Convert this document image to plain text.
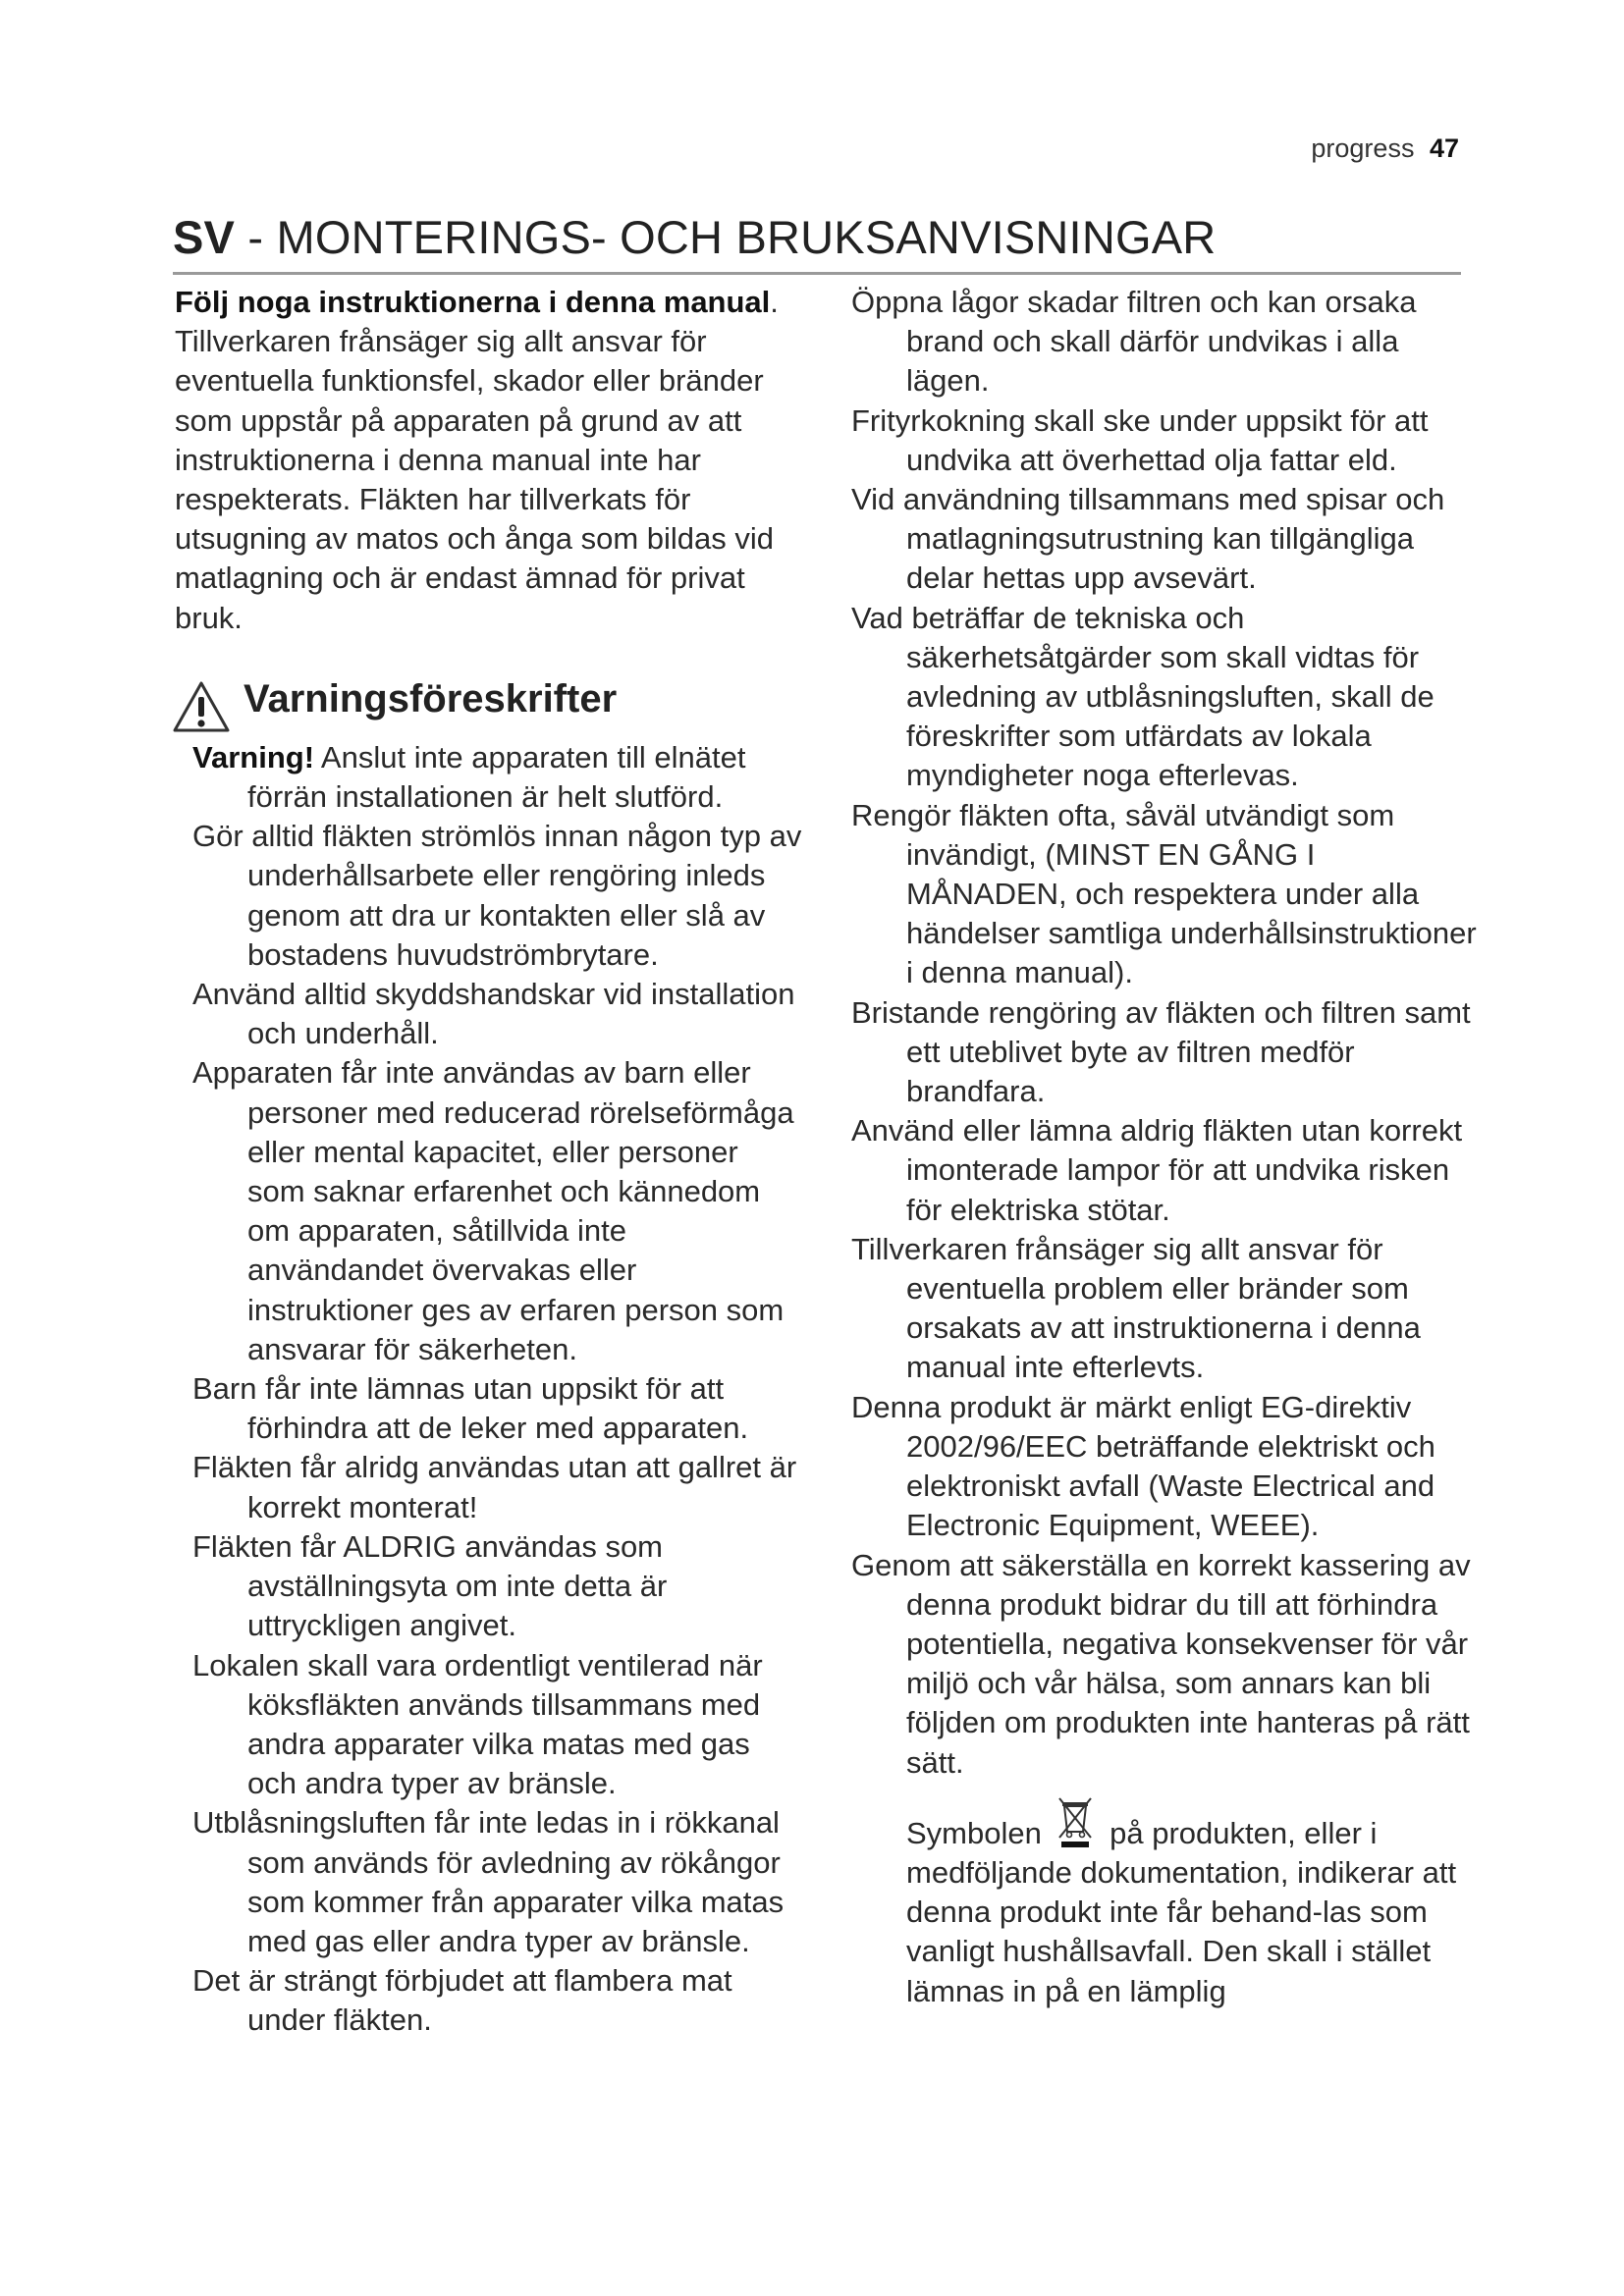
progress 47
SV - MONTERINGS- OCH BRUKSANVISNINGAR

Följ noga instruktionerna i denna manual. Tillverkaren frånsäger sig allt ansvar för eventuella funktionsfel, skador eller bränder som uppstår på apparaten på grund av att instruktionerna i denna manual inte har respekterats. Fläkten har tillverkats för utsugning av matos och ånga som bildas vid matlagning och är endast ämnad för privat bruk.

Varningsföreskrifter

Varning! Anslut inte apparaten till elnätet förrän installationen är helt slutförd.

Gör alltid fläkten strömlös innan någon typ av underhållsarbete eller rengöring inleds genom att dra ur kontakten eller slå av bostadens huvudströmbrytare.

Använd alltid skyddshandskar vid installation och underhåll.

Apparaten får inte användas av barn eller personer med reducerad rörelseförmåga eller mental kapacitet, eller personer som saknar erfarenhet och kännedom om apparaten, såtillvida inte användandet övervakas eller instruktioner ges av erfaren person som ansvarar för säkerheten.

Barn får inte lämnas utan uppsikt för att förhindra att de leker med apparaten.

Fläkten får alridg användas utan att gallret är korrekt monterat!

Fläkten får ALDRIG användas som avställningsyta om inte detta är uttryckligen angivet.

Lokalen skall vara ordentligt ventilerad när köksfläkten används tillsammans med andra apparater vilka matas med gas och andra typer av bränsle.

Utblåsningsluften får inte ledas in i rökkanal som används för avledning av rökångor som kommer från apparater vilka matas med gas eller andra typer av bränsle.

Det är strängt förbjudet att flambera mat under fläkten.

Öppna lågor skadar filtren och kan orsaka brand och skall därför undvikas i alla lägen.

Frityrkokning skall ske under uppsikt för att undvika att överhettad olja fattar eld.

Vid användning tillsammans med spisar och matlagningsutrustning kan tillgängliga delar hettas upp avsevärt.

Vad beträffar de tekniska och säkerhetsåtgärder som skall vidtas för avledning av utblåsningsluften, skall de föreskrifter som utfärdats av lokala myndigheter noga efterlevas.

Rengör fläkten ofta, såväl utvändigt som invändigt, (MINST EN GÅNG I MÅNADEN, och respektera under alla händelser samtliga underhållsinstruktioner i denna manual).

Bristande rengöring av fläkten och filtren samt ett uteblivet byte av filtren medför brandfara.

Använd eller lämna aldrig fläkten utan korrekt imonterade lampor för att undvika risken för elektriska stötar.

Tillverkaren frånsäger sig allt ansvar för eventuella problem eller bränder som orsakats av att instruktionerna i denna manual inte efterlevts.

Denna produkt är märkt enligt EG-direktiv 2002/96/EEC beträffande elektriskt och elektroniskt avfall (Waste Electrical and Electronic Equipment, WEEE).

Genom att säkerställa en korrekt kassering av denna produkt bidrar du till att förhindra potentiella, negativa konsekvenser för vår miljö och vår hälsa, som annars kan bli följden om produkten inte hanteras på rätt sätt.

Symbolen  på produkten, eller i medföljande dokumentation, indikerar att denna produkt inte får behand-las som vanligt hushållsavfall. Den skall i stället lämnas in på en lämplig
